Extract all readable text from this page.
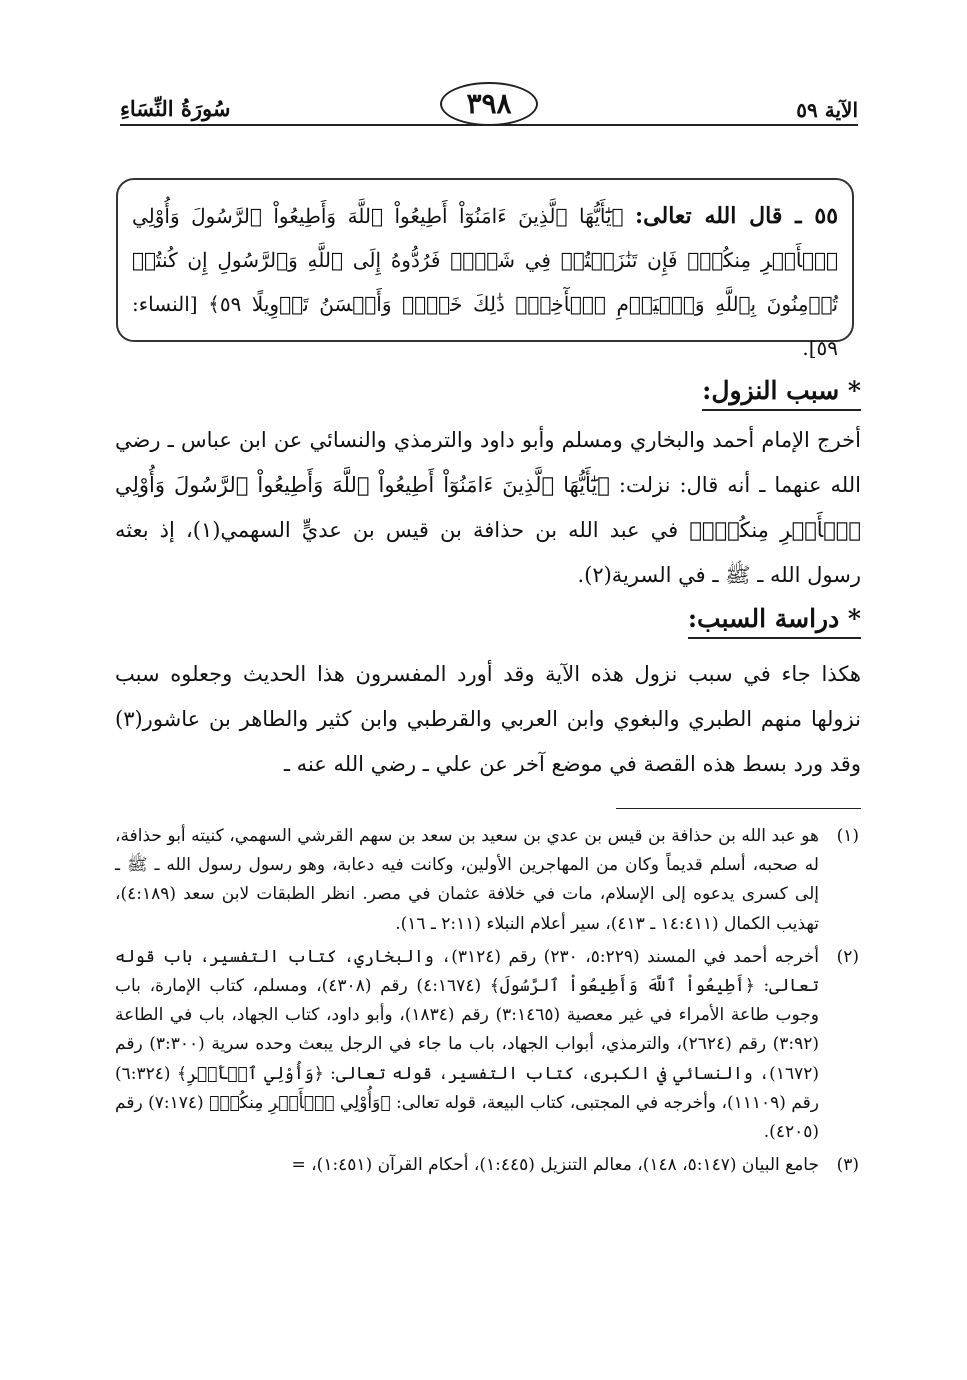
الآية ٥٩
٣٩٨
سُورَةُ النِّسَاءِ
٥٥ ـ قال الله تعالى: ﴿يَٰٓأَيُّهَا ٱلَّذِينَ ءَامَنُوٓاْ أَطِيعُواْ ٱللَّهَ وَأَطِيعُواْ ٱلرَّسُولَ وَأُوْلِي ٱلۡأَمۡرِ مِنكُمۡۖ فَإِن تَنَٰزَعۡتُمۡ فِي شَيۡءٖ فَرُدُّوهُ إِلَى ٱللَّهِ وَٱلرَّسُولِ إِن كُنتُمۡ تُؤۡمِنُونَ بِٱللَّهِ وَٱلۡيَوۡمِ ٱلۡأٓخِرِۚ ذَٰلِكَ خَيۡرٞ وَأَحۡسَنُ تَأۡوِيلًا ٥٩﴾ [النساء: ٥٩].
* سبب النزول:
أخرج الإمام أحمد والبخاري ومسلم وأبو داود والترمذي والنسائي عن ابن عباس ـ رضي الله عنهما ـ أنه قال: نزلت: ﴿يَٰٓأَيُّهَا ٱلَّذِينَ ءَامَنُوٓاْ أَطِيعُواْ ٱللَّهَ وَأَطِيعُواْ ٱلرَّسُولَ وَأُوْلِي ٱلۡأَمۡرِ مِنكُمۡۖ﴾ في عبد الله بن حذافة بن قيس بن عديٍّ السهمي(١)، إذ بعثه رسول الله ـ ﷺ ـ في السرية(٢).
* دراسة السبب:
هكذا جاء في سبب نزول هذه الآية وقد أورد المفسرون هذا الحديث وجعلوه سبب نزولها منهم الطبري والبغوي وابن العربي والقرطبي وابن كثير والطاهر بن عاشور(٣) وقد ورد بسط هذه القصة في موضع آخر عن علي ـ رضي الله عنه ـ
(١)
هو عبد الله بن حذافة بن قيس بن عدي بن سعيد بن سعد بن سهم القرشي السهمي، كنيته أبو حذافة، له صحبه، أسلم قديماً وكان من المهاجرين الأولين، وكانت فيه دعابة، وهو رسول رسول الله ـ ﷺ ـ إلى كسرى يدعوه إلى الإسلام، مات في خلافة عثمان في مصر. انظر الطبقات لابن سعد (٤:١٨٩)، تهذيب الكمال (١٤:٤١١ ـ ٤١٣)، سير أعلام النبلاء (٢:١١ ـ ١٦).
(٢)
أخرجه أحمد في المسند (٥:٢٢٩، ٢٣٠) رقم (٣١٢٤)، والبخاري، كتاب التفسير، باب قوله تعالى: ﴿أَطِيعُواْ ٱللَّهَ وَأَطِيعُواْ ٱلرَّسُولَ﴾ (٤:١٦٧٤) رقم (٤٣٠٨)، ومسلم، كتاب الإمارة، باب وجوب طاعة الأمراء في غير معصية (٣:١٤٦٥) رقم (١٨٣٤)، وأبو داود، كتاب الجهاد، باب في الطاعة (٣:٩٢) رقم (٢٦٢٤)، والترمذي، أبواب الجهاد، باب ما جاء في الرجل يبعث وحده سرية (٣:٣٠٠) رقم (١٦٧٢)، والنسائي في الكبرى، كتاب التفسير، قوله تعالى: ﴿وَأُوْلِي ٱلۡأَمۡرِ﴾ (٦:٣٢٤) رقم (١١١٠٩)، وأخرجه في المجتبى، كتاب البيعة، قوله تعالى: ﴿وَأُوْلِي ٱلۡأَمۡرِ مِنكُمۡ﴾ (٧:١٧٤) رقم (٤٢٠٥).
(٣)
جامع البيان (٥:١٤٧، ١٤٨)، معالم التنزيل (١:٤٤٥)، أحكام القرآن (١:٤٥١)، =
